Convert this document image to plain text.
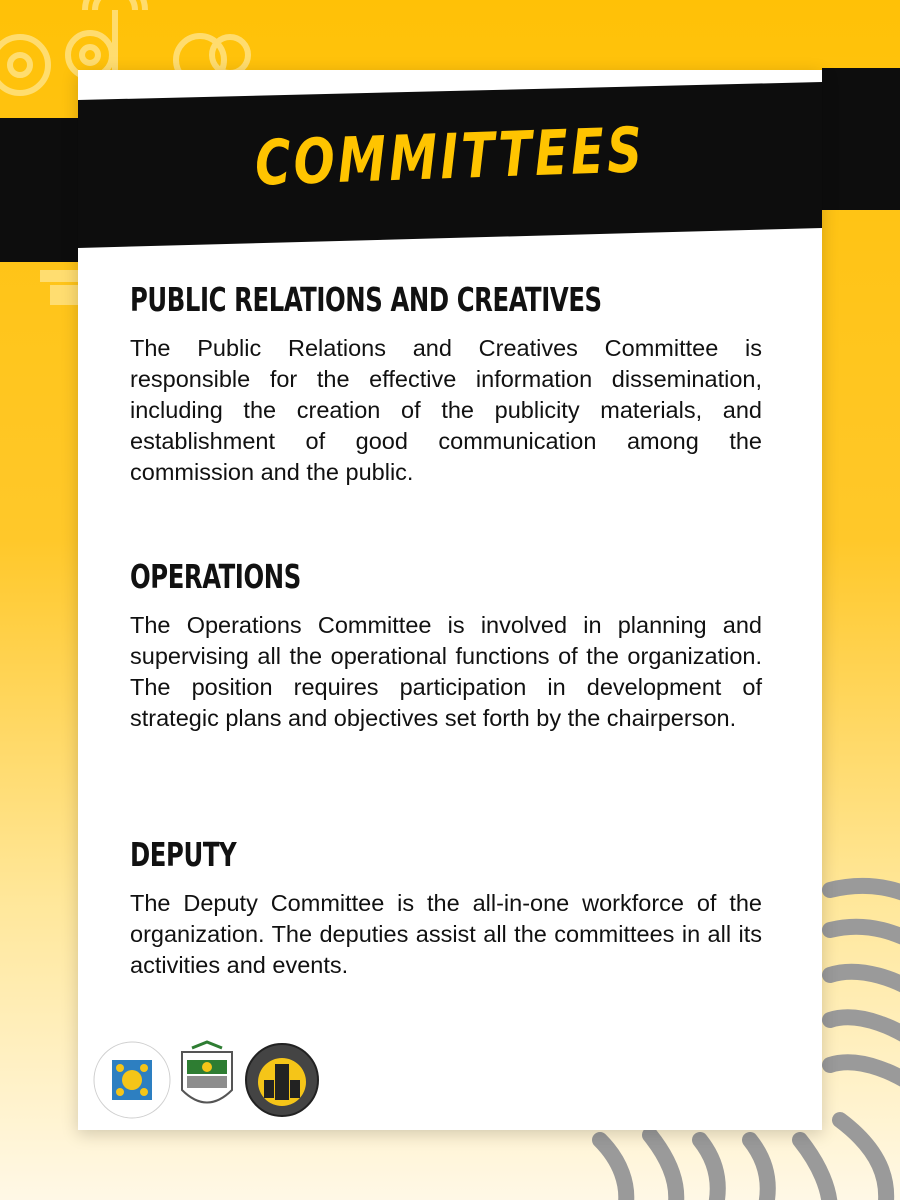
COMMITTEES
PUBLIC RELATIONS AND CREATIVES

The Public Relations and Creatives Committee is responsible for the effective information dissemination, including the creation of the publicity materials, and establishment of good communication among the commission and the public.

OPERATIONS

The Operations Committee is involved in planning and supervising all the operational functions of the organization. The position requires participation in development of strategic plans and objectives set forth by the chairperson.

DEPUTY

The Deputy Committee is the all-in-one workforce of the organization. The deputies assist all the committees in all its activities and events.
